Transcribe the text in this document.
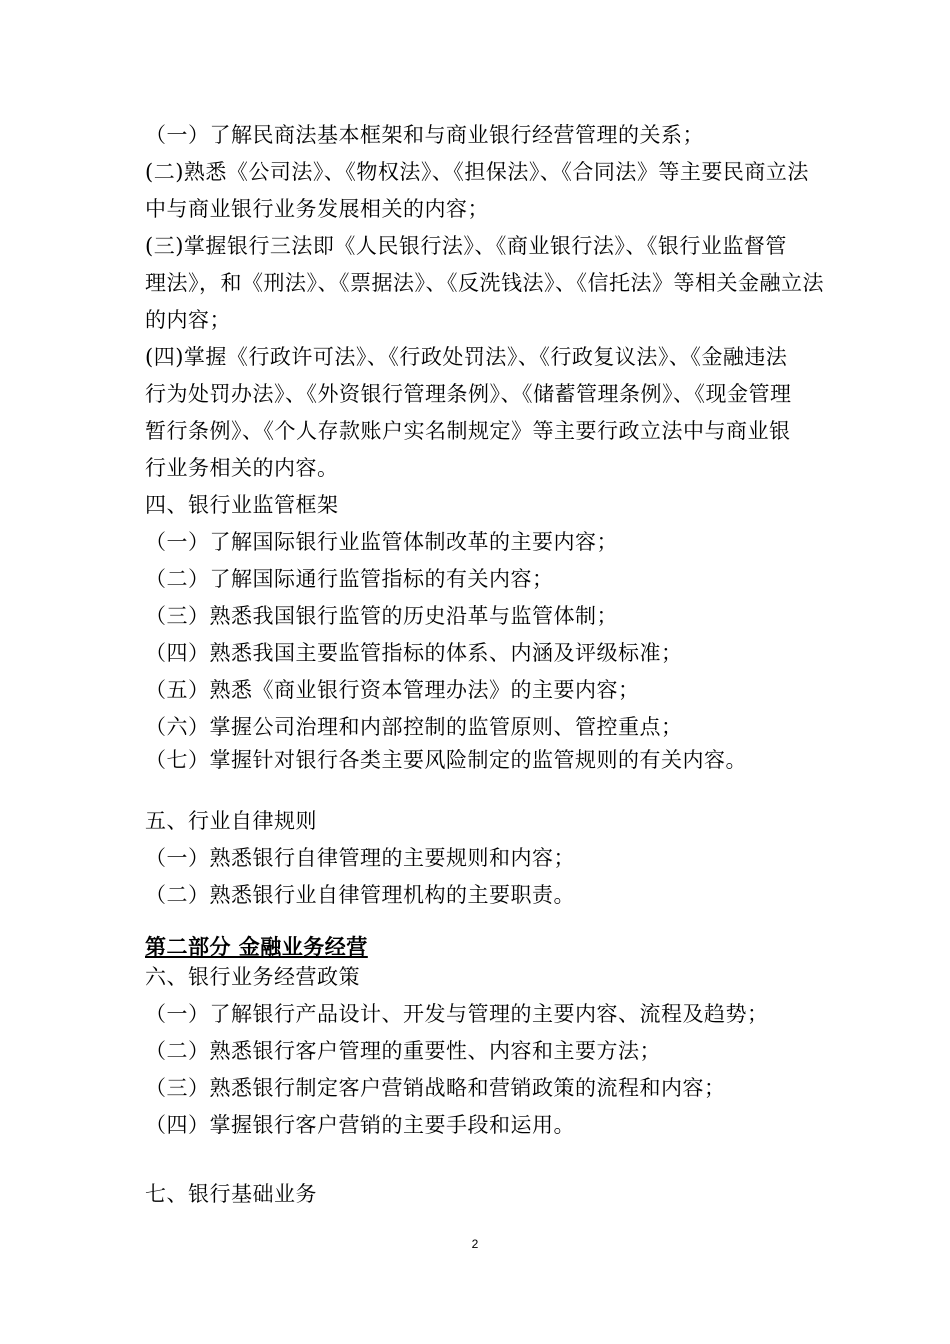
（一）了解民商法基本框架和与商业银行经营管理的关系；
(二)熟悉《公司法》、《物权法》、《担保法》、《合同法》等主要民商立法
中与商业银行业务发展相关的内容；
(三)掌握银行三法即《人民银行法》、《商业银行法》、《银行业监督管
理法》，和《刑法》、《票据法》、《反洗钱法》、《信托法》等相关金融立法
的内容；
(四)掌握《行政许可法》、《行政处罚法》、《行政复议法》、《金融违法
行为处罚办法》、《外资银行管理条例》、《储蓄管理条例》、《现金管理
暂行条例》、《个人存款账户实名制规定》等主要行政立法中与商业银
行业务相关的内容。
四、银行业监管框架
（一）了解国际银行业监管体制改革的主要内容；
（二）了解国际通行监管指标的有关内容；
（三）熟悉我国银行监管的历史沿革与监管体制；
（四）熟悉我国主要监管指标的体系、内涵及评级标准；
（五）熟悉《商业银行资本管理办法》的主要内容；
（六）掌握公司治理和内部控制的监管原则、管控重点；
（七）掌握针对银行各类主要风险制定的监管规则的有关内容。
五、行业自律规则
（一）熟悉银行自律管理的主要规则和内容；
（二）熟悉银行业自律管理机构的主要职责。
第二部分 金融业务经营
六、银行业务经营政策
（一）了解银行产品设计、开发与管理的主要内容、流程及趋势；
（二）熟悉银行客户管理的重要性、内容和主要方法；
（三）熟悉银行制定客户营销战略和营销政策的流程和内容；
（四）掌握银行客户营销的主要手段和运用。
七、银行基础业务
2
